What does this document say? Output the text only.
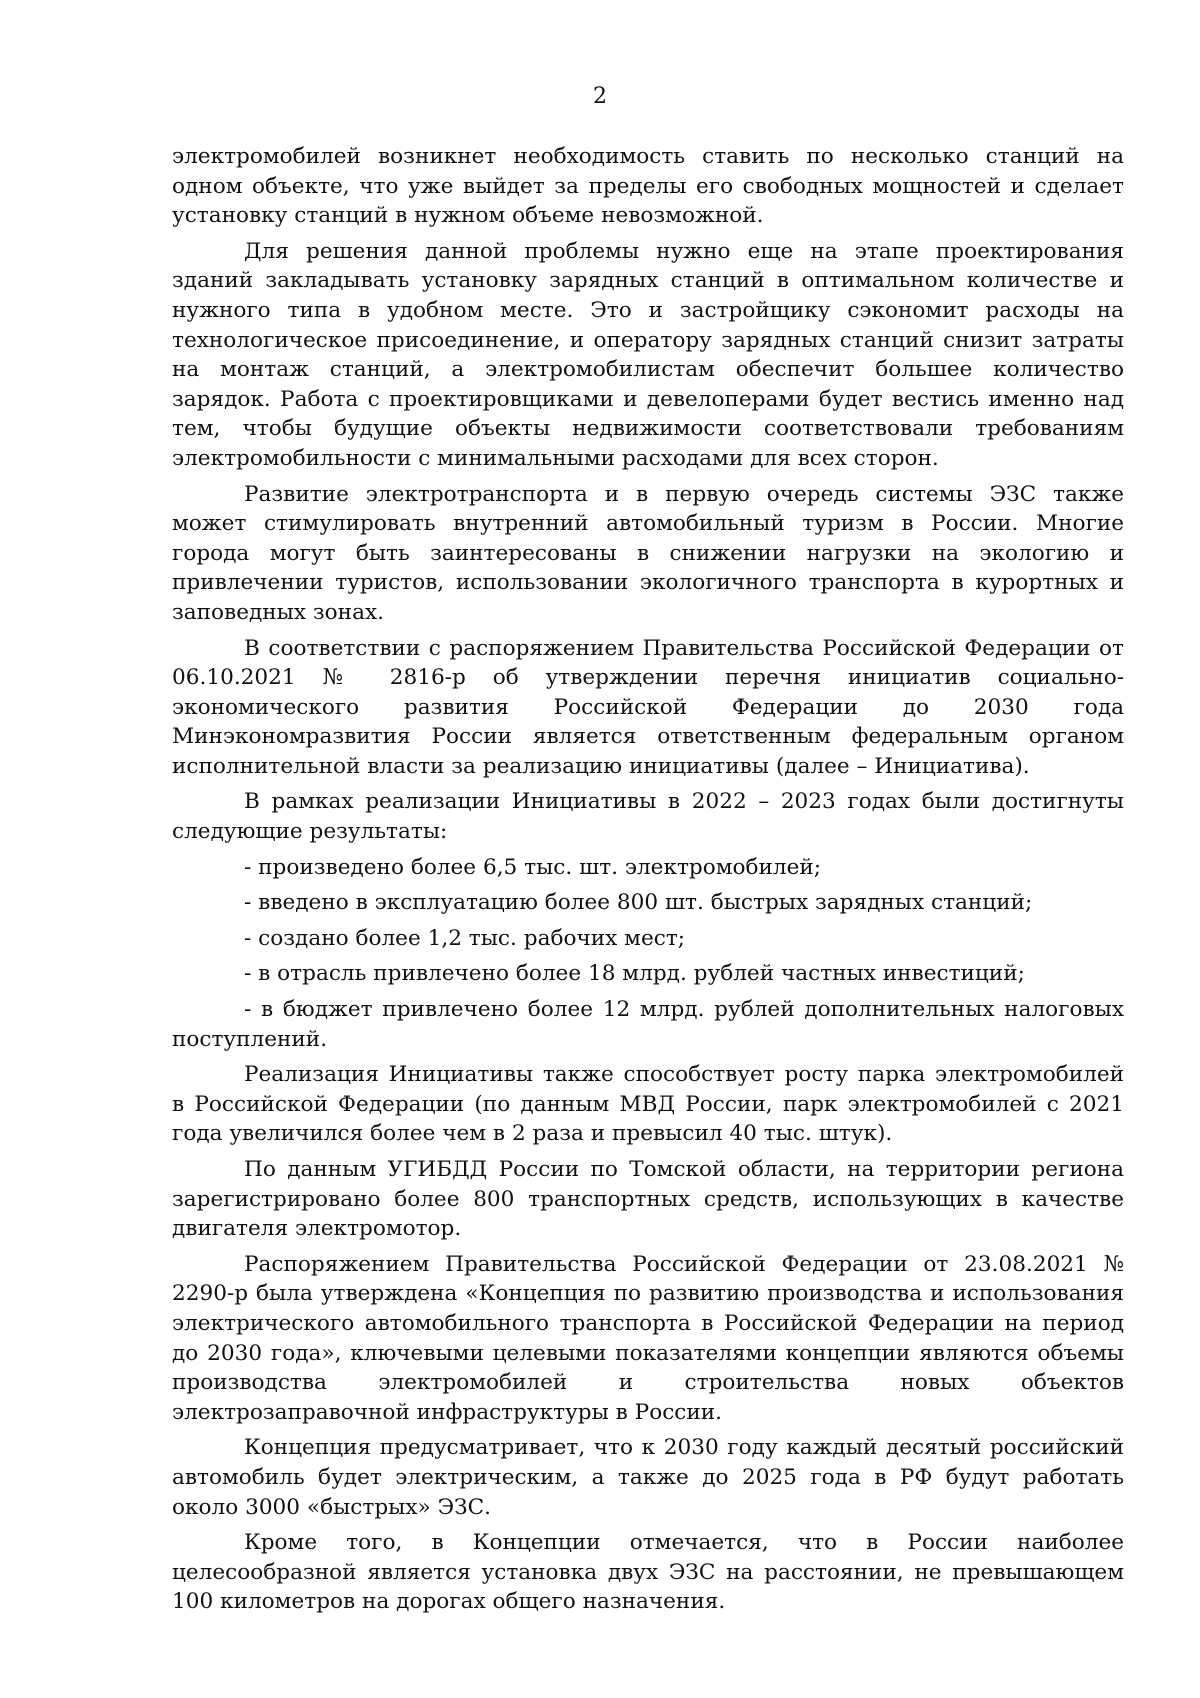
2

электромобилей возникнет необходимость ставить по несколько станций на одном объекте, что уже выйдет за пределы его свободных мощностей и сделает установку станций в нужном объеме невозможной.

Для решения данной проблемы нужно еще на этапе проектирования зданий закладывать установку зарядных станций в оптимальном количестве и нужного типа в удобном месте. Это и застройщику сэкономит расходы на технологическое присоединение, и оператору зарядных станций снизит затраты на монтаж станций, а электромобилистам обеспечит большее количество зарядок. Работа с проектировщиками и девелоперами будет вестись именно над тем, чтобы будущие объекты недвижимости соответствовали требованиям электромобильности с минимальными расходами для всех сторон.

Развитие электротранспорта и в первую очередь системы ЭЗС также может стимулировать внутренний автомобильный туризм в России. Многие города могут быть заинтересованы в снижении нагрузки на экологию и привлечении туристов, использовании экологичного транспорта в курортных и заповедных зонах.

В соответствии с распоряжением Правительства Российской Федерации от 06.10.2021 № 2816-р об утверждении перечня инициатив социально-экономического развития Российской Федерации до 2030 года Минэкономразвития России является ответственным федеральным органом исполнительной власти за реализацию инициативы (далее – Инициатива).

В рамках реализации Инициативы в 2022 – 2023 годах были достигнуты следующие результаты:

- произведено более 6,5 тыс. шт. электромобилей;

- введено в эксплуатацию более 800 шт. быстрых зарядных станций;

- создано более 1,2 тыс. рабочих мест;

- в отрасль привлечено более 18 млрд. рублей частных инвестиций;

- в бюджет привлечено более 12 млрд. рублей дополнительных налоговых поступлений.

Реализация Инициативы также способствует росту парка электромобилей в Российской Федерации (по данным МВД России, парк электромобилей с 2021 года увеличился более чем в 2 раза и превысил 40 тыс. штук).

По данным УГИБДД России по Томской области, на территории региона зарегистрировано более 800 транспортных средств, использующих в качестве двигателя электромотор.

Распоряжением Правительства Российской Федерации от 23.08.2021 № 2290-р была утверждена «Концепция по развитию производства и использования электрического автомобильного транспорта в Российской Федерации на период до 2030 года», ключевыми целевыми показателями концепции являются объемы производства электромобилей и строительства новых объектов электрозаправочной инфраструктуры в России.

Концепция предусматривает, что к 2030 году каждый десятый российский автомобиль будет электрическим, а также до 2025 года в РФ будут работать около 3000 «быстрых» ЭЗС.

Кроме того, в Концепции отмечается, что в России наиболее целесообразной является установка двух ЭЗС на расстоянии, не превышающем 100 километров на дорогах общего назначения.
